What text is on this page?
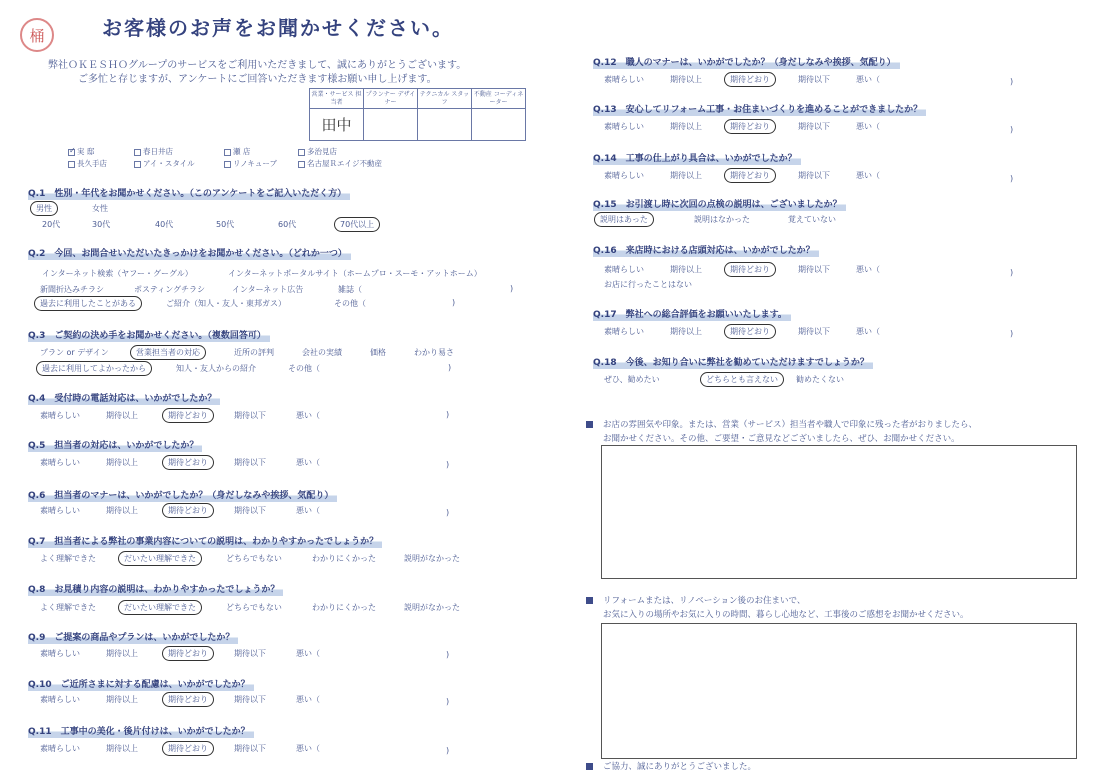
桶	お客様のお声をお聞かせください。
弊社ＯＫＥＳＨＯグループのサービスをご利用いただきまして、誠にありがとうございます。
ご多忙と存じますが、アンケートにご回答いただきます様お願い申し上げます。
営業・サービス 担当者	プランナー デザイナー	テクニカル スタッフ	不動産 コーディネーター
田中			
✓ 実 邸	春日井店	瀬 店	多治見店
長久手店	アイ・スタイル	リノキューブ	名古屋Ｒエイジ不動産
Q.1　性別・年代をお聞かせください。（このアンケートをご記入いただく方）
男性	女性
20代	30代	40代	50代	60代	70代以上
Q.2　今回、お問合せいただいたきっかけをお聞かせください。（どれか一つ）
インターネット検索（ヤフー・グーグル）	インターネットポータルサイト（ホームプロ・スーモ・アットホーム）
新聞折込みチラシ	ポスティングチラシ	インターネット広告	雑誌（	)
過去に利用したことがある	ご紹介（知人・友人・東邦ガス）	その他（	)
Q.3　ご契約の決め手をお聞かせください。（複数回答可）
プラン or デザイン	営業担当者の対応	近所の評判	会社の実績	価格	わかり易さ
過去に利用してよかったから	知人・友人からの紹介	その他（	)
Q.4　受付時の電話対応は、いかがでしたか？
素晴らしい	期待以上	期待どおり	期待以下	悪い（	)
Q.5　担当者の対応は、いかがでしたか？
素晴らしい	期待以上	期待どおり	期待以下	悪い（	)
Q.6　担当者のマナーは、いかがでしたか？（身だしなみや挨拶、気配り）
素晴らしい	期待以上	期待どおり	期待以下	悪い（	)
Q.7　担当者による弊社の事業内容についての説明は、わかりやすかったでしょうか？
よく理解できた	だいたい理解できた	どちらでもない	わかりにくかった	説明がなかった
Q.8　お見積り内容の説明は、わかりやすかったでしょうか？
よく理解できた	だいたい理解できた	どちらでもない	わかりにくかった	説明がなかった
Q.9　ご提案の商品やプランは、いかがでしたか？
素晴らしい	期待以上	期待どおり	期待以下	悪い（	)
Q.10　ご近所さまに対する配慮は、いかがでしたか？
素晴らしい	期待以上	期待どおり	期待以下	悪い（	)
Q.11　工事中の美化・後片付けは、いかがでしたか？
素晴らしい	期待以上	期待どおり	期待以下	悪い（	)
Q.12　職人のマナーは、いかがでしたか？（身だしなみや挨拶、気配り）
素晴らしい	期待以上	期待どおり	期待以下	悪い（	)
Q.13　安心してリフォーム工事・お住まいづくりを進めることができましたか？
素晴らしい	期待以上	期待どおり	期待以下	悪い（	)
Q.14　工事の仕上がり具合は、いかがでしたか？
素晴らしい	期待以上	期待どおり	期待以下	悪い（	)
Q.15　お引渡し時に次回の点検の説明は、ございましたか？
説明はあった	説明はなかった	覚えていない
Q.16　来店時における店頭対応は、いかがでしたか？
素晴らしい	期待以上	期待どおり	期待以下	悪い（	)
お店に行ったことはない
Q.17　弊社への総合評価をお願いいたします。
素晴らしい	期待以上	期待どおり	期待以下	悪い（	)
Q.18　今後、お知り合いに弊社を勧めていただけますでしょうか？
ぜひ、勧めたい	どちらとも言えない	勧めたくない
お店の雰囲気や印象。または、営業（サービス）担当者や職人で印象に残った者がおりましたら、
お聞かせください。その他、ご要望・ご意見などございましたら、ぜひ、お聞かせください。
リフォームまたは、リノベーション後のお住まいで、
お気に入りの場所やお気に入りの時間、暮らし心地など、工事後のご感想をお聞かせください。
ご協力、誠にありがとうございました。
